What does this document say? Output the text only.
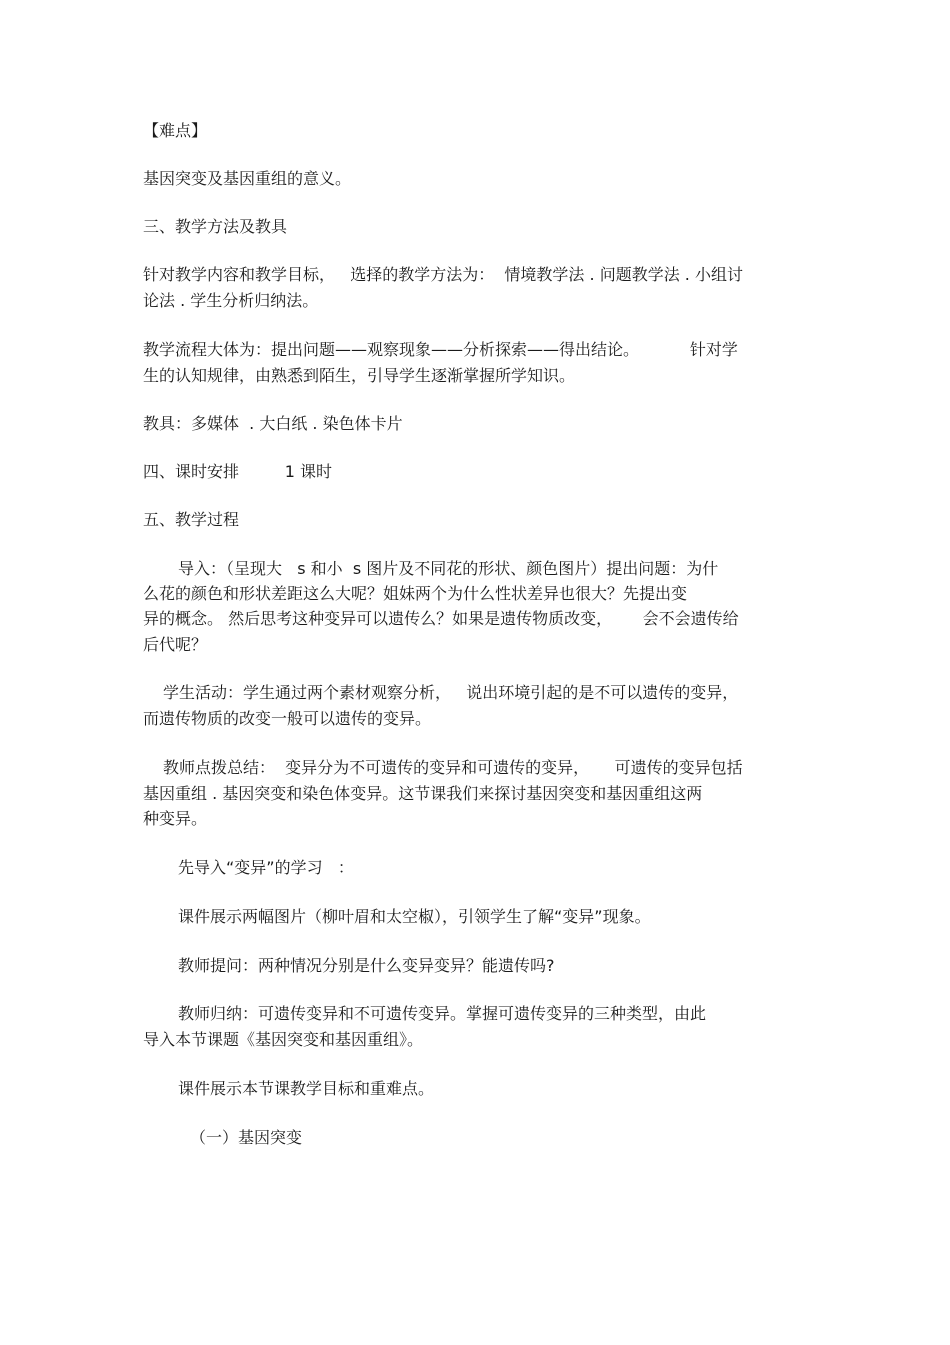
【难点】

基因突变及基因重组的意义。

三、教学方法及教具

针对教学内容和教学目标，   选择的教学方法为：  情境教学法 . 问题教学法 . 小组讨

论法 . 学生分析归纳法。

教学流程大体为：提出问题——观察现象——分析探索——得出结论。          针对学

生的认知规律，由熟悉到陌生，引导学生逐渐掌握所学知识。

教具：多媒体  . 大白纸 . 染色体卡片

四、课时安排         1 课时

五、教学过程

导入：（呈现大   s 和小  s 图片及不同花的形状、颜色图片）提出问题：为什

么花的颜色和形状差距这么大呢？姐妹两个为什么性状差异也很大？先提出变

异的概念。 然后思考这种变异可以遗传么？如果是遗传物质改变，      会不会遗传给

后代呢？

学生活动：学生通过两个素材观察分析，   说出环境引起的是不可以遗传的变异，

而遗传物质的改变一般可以遗传的变异。

教师点拨总结：  变异分为不可遗传的变异和可遗传的变异，     可遗传的变异包括

基因重组 . 基因突变和染色体变异。这节课我们来探讨基因突变和基因重组这两

种变异。

先导入“变异”的学习   ：

课件展示两幅图片（柳叶眉和太空椒），引领学生了解“变异”现象。

教师提问：两种情况分别是什么变异变异？能遗传吗?

教师归纳：可遗传变异和不可遗传变异。掌握可遗传变异的三种类型，由此

导入本节课题《基因突变和基因重组》。

课件展示本节课教学目标和重难点。

（一）基因突变
